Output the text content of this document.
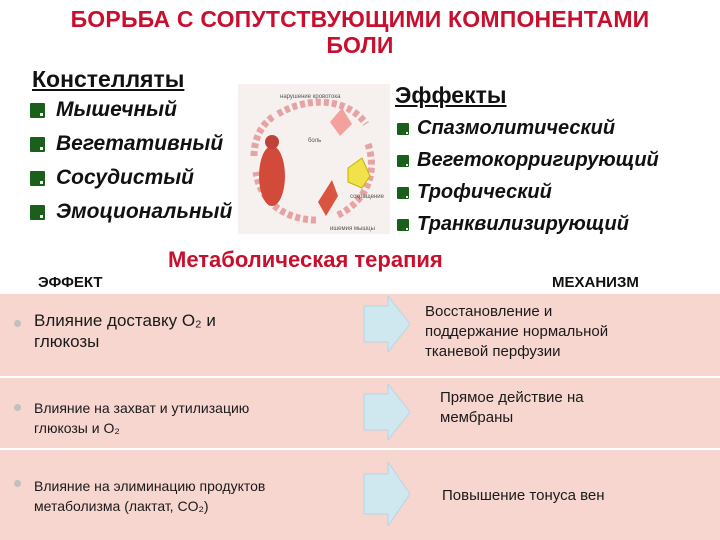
БОРЬБА С СОПУТСТВУЮЩИМИ КОМПОНЕНТАМИ
БОЛИ
Констелляты
Мышечный
Вегетативный
Сосудистый
Эмоциональный
нарушение кровотока
боль
сокращение
ишемия мышцы
Эффекты
Спазмолитический
Вегетокорригирующий
Трофический
Транквилизирующий
Метаболическая терапия
ЭФФЕКТ	МЕХАНИЗМ
Влияние доставку O₂ и
глюкозы
Восстановление и
поддержание нормальной
тканевой перфузии
Влияние на захват и утилизацию
глюкозы и O₂
Прямое действие на
мембраны
Влияние на элиминацию продуктов
метаболизма (лактат, CO₂)
Повышение тонуса вен
